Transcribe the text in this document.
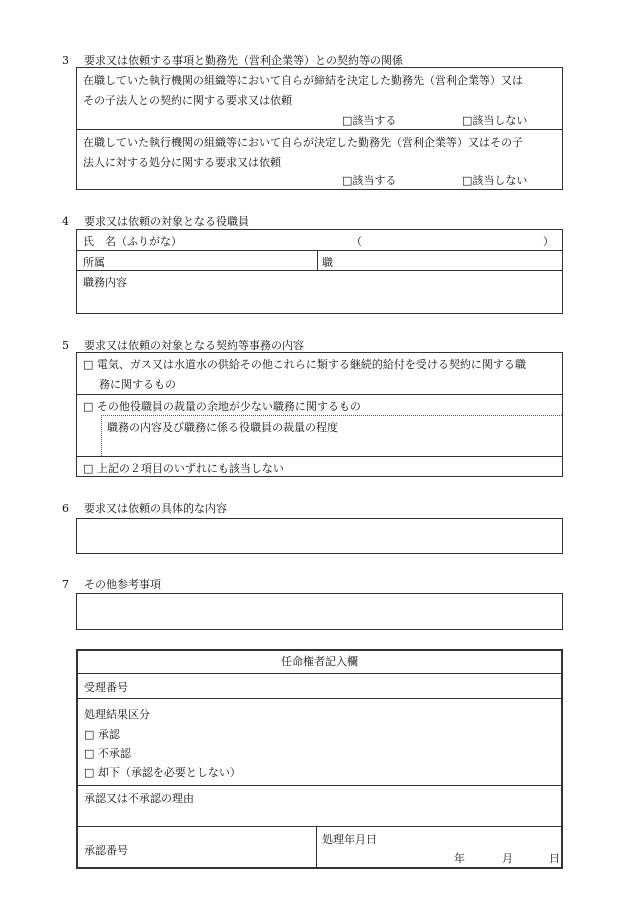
3 要求又は依頼する事項と勤務先（営利企業等）との契約等の関係
在職していた執行機関の組織等において自らが締結を決定した勤務先（営利企業等）又は
その子法人との契約に関する要求又は依頼
□該当する	□該当しない
在職していた執行機関の組織等において自らが決定した勤務先（営利企業等）又はその子
法人に対する処分に関する要求又は依頼
□該当する	□該当しない
4 要求又は依頼の対象となる役職員
氏　名（ふりがな）	（	）
所属	職
職務内容
5 要求又は依頼の対象となる契約等事務の内容
□ 電気、ガス又は水道水の供給その他これらに類する継続的給付を受ける契約に関する職
務に関するもの
□ その他役職員の裁量の余地が少ない職務に関するもの
職務の内容及び職務に係る役職員の裁量の程度
□ 上記の２項目のいずれにも該当しない
6 要求又は依頼の具体的な内容
7 その他参考事項
任命権者記入欄
受理番号
処理結果区分
□ 承認
□ 不承認
□ 却下（承認を必要としない）
承認又は不承認の理由
承認番号
処理年月日
年	月	日
